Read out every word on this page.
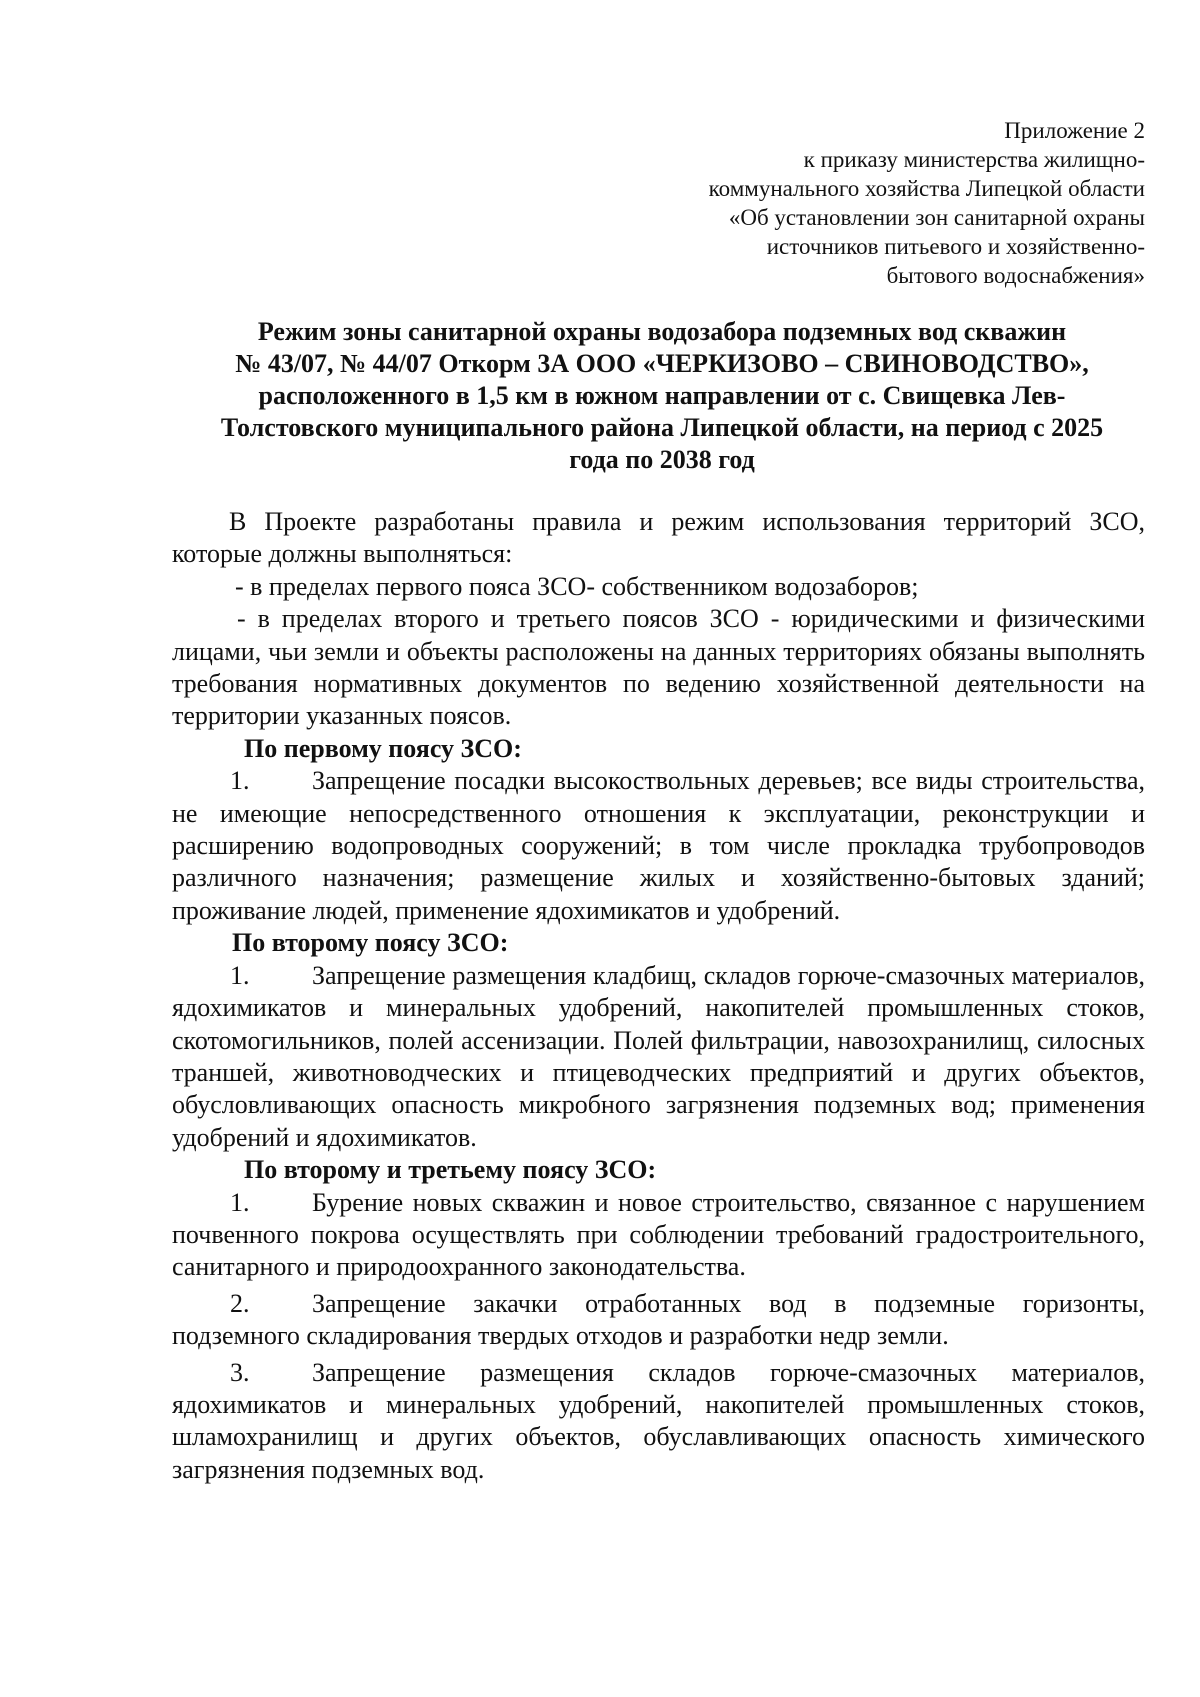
Приложение 2
к приказу министерства жилищно-
коммунального хозяйства Липецкой области
«Об установлении зон санитарной охраны
источников питьевого и хозяйственно-
бытового водоснабжения»
Режим зоны санитарной охраны водозабора подземных вод скважин
№ 43/07, № 44/07 Откорм 3А ООО «ЧЕРКИЗОВО – СВИНОВОДСТВО»,
расположенного в 1,5 км в южном направлении от с. Свищевка Лев-
Толстовского муниципального района Липецкой области, на период с 2025
года по 2038 год

В Проекте разработаны правила и режим использования территорий ЗСО, которые должны выполняться:

- в пределах первого пояса ЗСО- собственником водозаборов;

- в пределах второго и третьего поясов ЗСО - юридическими и физическими лицами, чьи земли и объекты расположены на данных территориях обязаны выполнять требования нормативных документов по ведению хозяйственной деятельности на территории указанных поясов.

По первому поясу ЗСО:

1. Запрещение посадки высокоствольных деревьев; все виды строительства, не имеющие непосредственного отношения к эксплуатации, реконструкции и расширению водопроводных сооружений; в том числе прокладка трубопроводов различного назначения; размещение жилых и хозяйственно-бытовых зданий; проживание людей, применение ядохимикатов и удобрений.

По второму поясу ЗСО:

1. Запрещение размещения кладбищ, складов горюче-смазочных материалов, ядохимикатов и минеральных удобрений, накопителей промышленных стоков, скотомогильников, полей ассенизации. Полей фильтрации, навозохранилищ, силосных траншей, животноводческих и птицеводческих предприятий и других объектов, обусловливающих опасность микробного загрязнения подземных вод; применения удобрений и ядохимикатов.

По второму и третьему поясу ЗСО:

1. Бурение новых скважин и новое строительство, связанное с нарушением почвенного покрова осуществлять при соблюдении требований градостроительного, санитарного и природоохранного законодательства.

2. Запрещение закачки отработанных вод в подземные горизонты, подземного складирования твердых отходов и разработки недр земли.

3. Запрещение размещения складов горюче-смазочных материалов, ядохимикатов и минеральных удобрений, накопителей промышленных стоков, шламохранилищ и других объектов, обуславливающих опасность химического загрязнения подземных вод.
